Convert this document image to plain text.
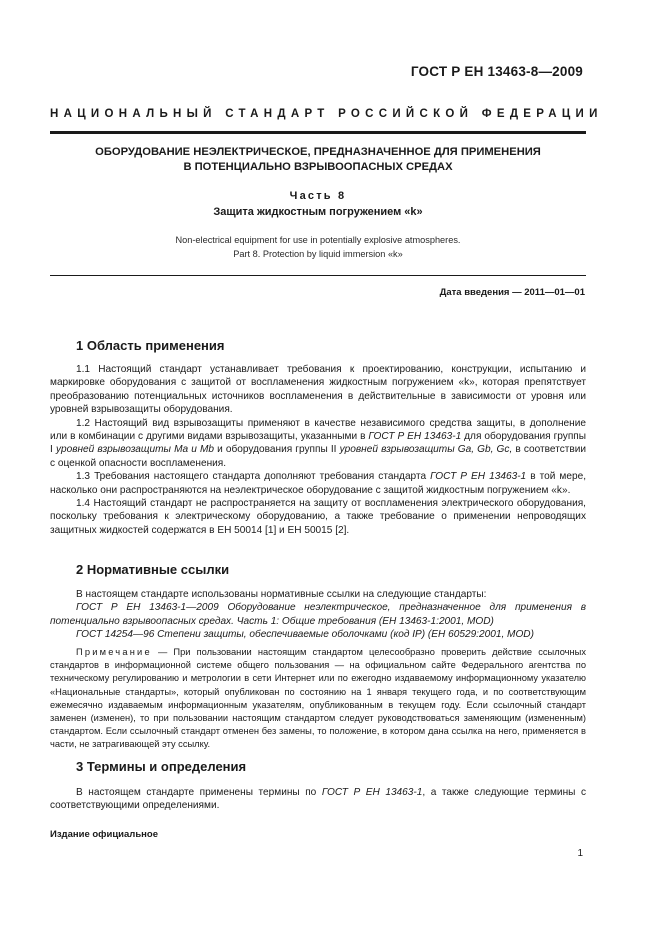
ГОСТ Р ЕН 13463-8—2009
НАЦИОНАЛЬНЫЙ СТАНДАРТ РОССИЙСКОЙ ФЕДЕРАЦИИ
ОБОРУДОВАНИЕ НЕЭЛЕКТРИЧЕСКОЕ, ПРЕДНАЗНАЧЕННОЕ ДЛЯ ПРИМЕНЕНИЯ
В ПОТЕНЦИАЛЬНО ВЗРЫВООПАСНЫХ СРЕДАХ
Часть 8
Защита жидкостным погружением «k»
Non-electrical equipment for use in potentially explosive atmospheres.
Part 8. Protection by liquid immersion «k»
Дата введения — 2011—01—01
1 Область применения

1.1 Настоящий стандарт устанавливает требования к проектированию, конструкции, испытанию и маркировке оборудования с защитой от воспламенения жидкостным погружением «k», которая препятствует преобразованию потенциальных источников воспламенения в действительные в зависимости от уровня или уровней взрывозащиты оборудования.

1.2 Настоящий вид взрывозащиты применяют в качестве независимого средства защиты, в дополнение или в комбинации с другими видами взрывозащиты, указанными в ГОСТ Р ЕН 13463-1 для оборудования группы I уровней взрывозащиты Ma и Mb и оборудования группы II уровней взрывозащиты Ga, Gb, Gc, в соответствии с оценкой опасности воспламенения.

1.3 Требования настоящего стандарта дополняют требования стандарта ГОСТ Р ЕН 13463-1 в той мере, насколько они распространяются на неэлектрическое оборудование с защитой жидкостным погружением «k».

1.4 Настоящий стандарт не распространяется на защиту от воспламенения электрического оборудования, поскольку требования к электрическому оборудованию, а также требование о применении непроводящих защитных жидкостей содержатся в ЕН 50014 [1] и ЕН 50015 [2].

2 Нормативные ссылки

В настоящем стандарте использованы нормативные ссылки на следующие стандарты:

ГОСТ Р ЕН 13463-1—2009 Оборудование неэлектрическое, предназначенное для применения в потенциально взрывоопасных средах. Часть 1: Общие требования (ЕН 13463-1:2001, MOD)

ГОСТ 14254—96 Степени защиты, обеспечиваемые оболочками (код IP) (ЕН 60529:2001, MOD)

Примечание — При пользовании настоящим стандартом целесообразно проверить действие ссылочных стандартов в информационной системе общего пользования — на официальном сайте Федерального агентства по техническому регулированию и метрологии в сети Интернет или по ежегодно издаваемому информационному указателю «Национальные стандарты», который опубликован по состоянию на 1 января текущего года, и по соответствующим ежемесячно издаваемым информационным указателям, опубликованным в текущем году. Если ссылочный стандарт заменен (изменен), то при пользовании настоящим стандартом следует руководствоваться заменяющим (измененным) стандартом. Если ссылочный стандарт отменен без замены, то положение, в котором дана ссылка на него, применяется в части, не затрагивающей эту ссылку.

3 Термины и определения

В настоящем стандарте применены термины по ГОСТ Р ЕН 13463-1, а также следующие термины с соответствующими определениями.

Издание официальное
1
